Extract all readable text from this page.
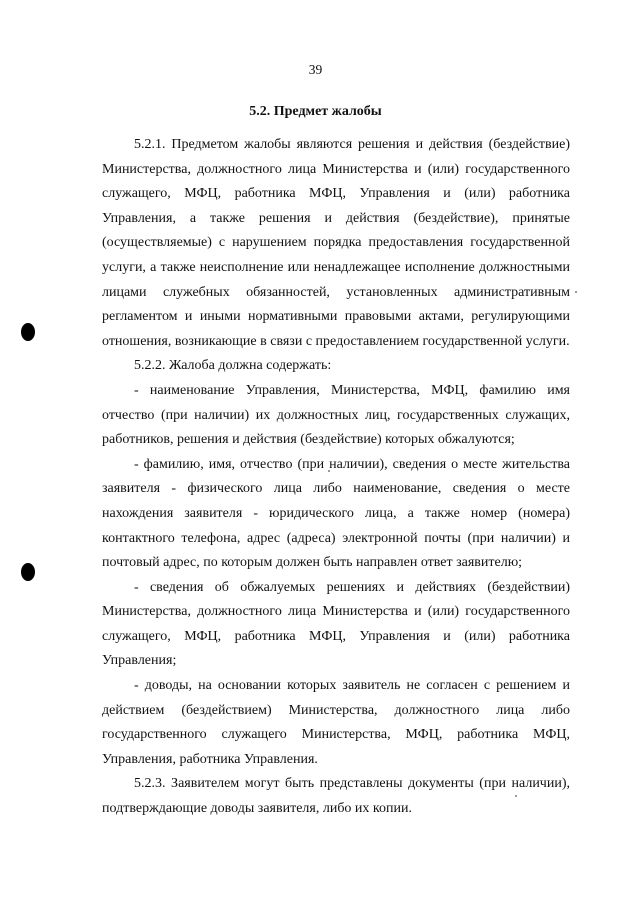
39
5.2. Предмет жалобы

5.2.1. Предметом жалобы являются решения и действия (бездействие)
Министерства, должностного лица Министерства и (или) государственного
служащего, МФЦ, работника МФЦ, Управления и (или) работника
Управления, а также решения и действия (бездействие), принятые
(осуществляемые) с нарушением порядка предоставления государственной
услуги, а также неисполнение или ненадлежащее исполнение должностными
лицами служебных обязанностей, установленных административным
регламентом и иными нормативными правовыми актами, регулирующими
отношения, возникающие в связи с предоставлением государственной услуги.

5.2.2. Жалоба должна содержать:

- наименование Управления, Министерства, МФЦ, фамилию имя
отчество (при наличии) их должностных лиц, государственных служащих,
работников, решения и действия (бездействие) которых обжалуются;

- фамилию, имя, отчество (при наличии), сведения о месте жительства
заявителя - физического лица либо наименование, сведения о месте
нахождения заявителя - юридического лица, а также номер (номера)
контактного телефона, адрес (адреса) электронной почты (при наличии) и
почтовый адрес, по которым должен быть направлен ответ заявителю;

- сведения об обжалуемых решениях и действиях (бездействии)
Министерства, должностного лица Министерства и (или) государственного
служащего, МФЦ, работника МФЦ, Управления и (или) работника
Управления;

- доводы, на основании которых заявитель не согласен с решением и
действием (бездействием) Министерства, должностного лица либо
государственного служащего Министерства, МФЦ, работника МФЦ,
Управления, работника Управления.

5.2.3. Заявителем могут быть представлены документы (при наличии),
подтверждающие доводы заявителя, либо их копии.
